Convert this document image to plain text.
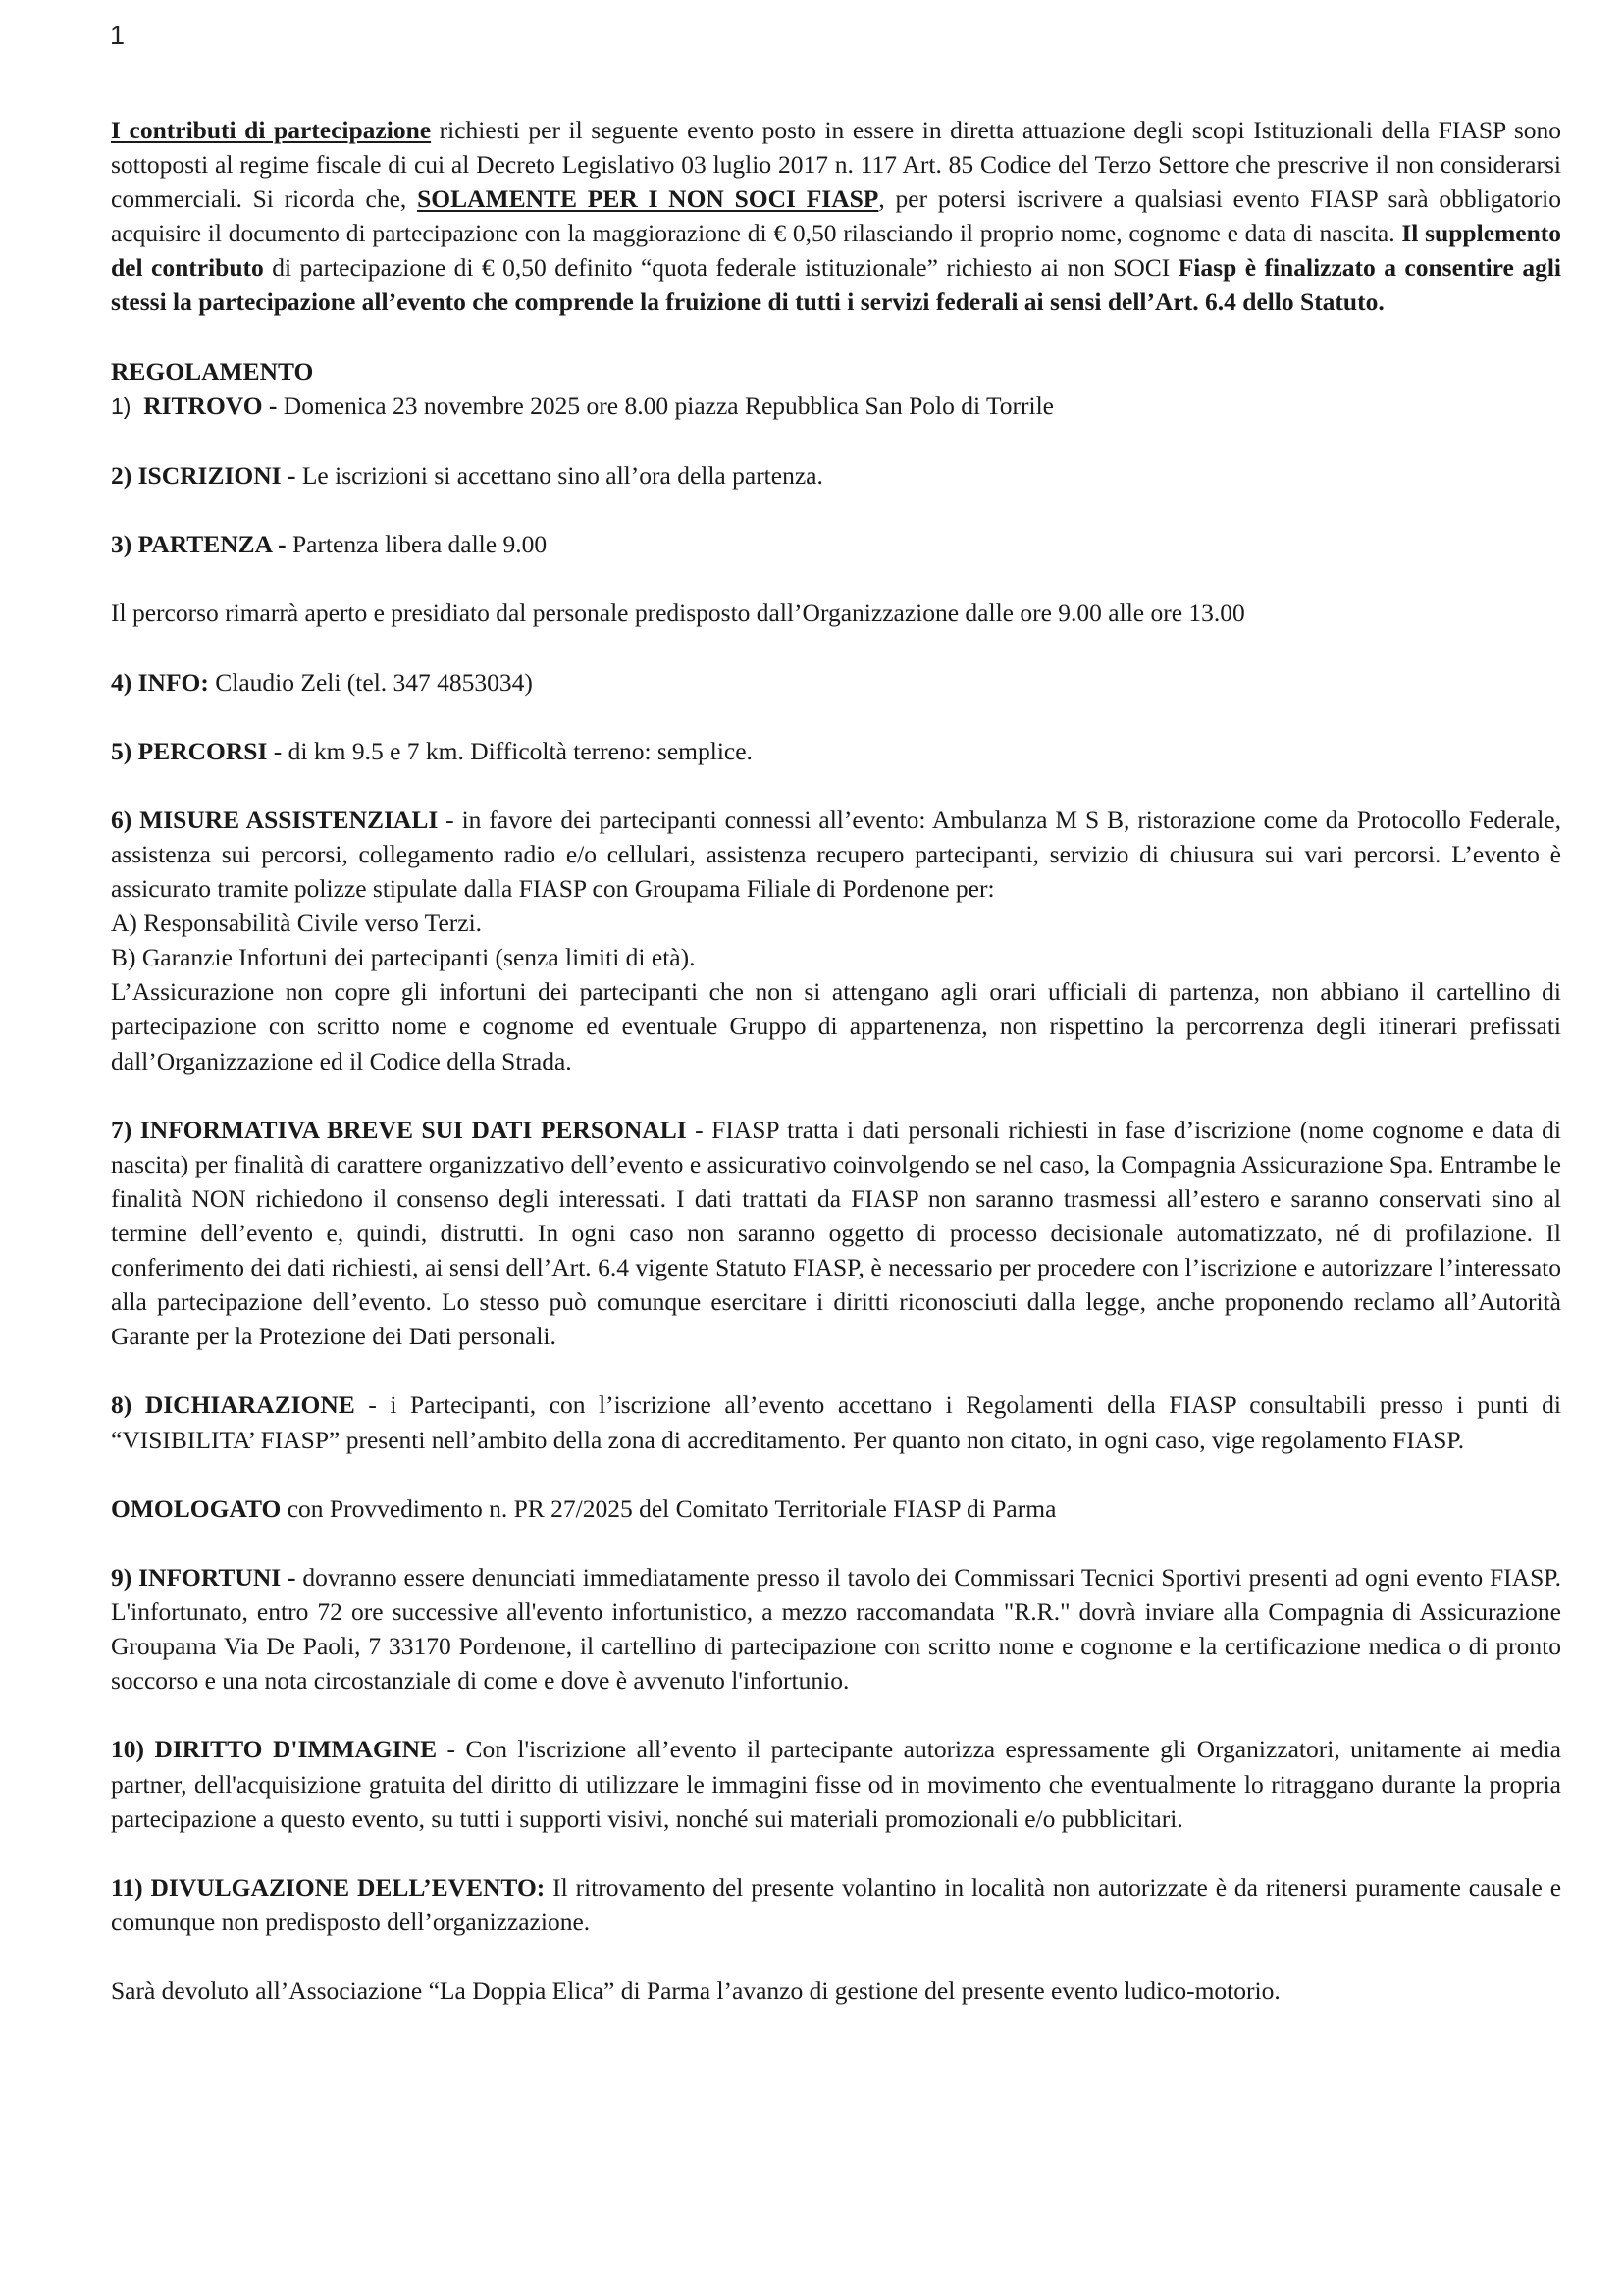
1

I contributi di partecipazione richiesti per il seguente evento posto in essere in diretta attuazione degli scopi Istituzionali della FIASP sono sottoposti al regime fiscale di cui al Decreto Legislativo 03 luglio 2017 n. 117 Art. 85 Codice del Terzo Settore che prescrive il non considerarsi commerciali. Si ricorda che, SOLAMENTE PER I NON SOCI FIASP, per potersi iscrivere a qualsiasi evento FIASP sarà obbligatorio acquisire il documento di partecipazione con la maggiorazione di € 0,50 rilasciando il proprio nome, cognome e data di nascita. Il supplemento del contributo di partecipazione di € 0,50 definito “quota federale istituzionale” richiesto ai non SOCI Fiasp è finalizzato a consentire agli stessi la partecipazione all’evento che comprende la fruizione di tutti i servizi federali ai sensi dell’Art. 6.4 dello Statuto.

REGOLAMENTO

1) RITROVO - Domenica 23 novembre 2025 ore 8.00 piazza Repubblica San Polo di Torrile

2) ISCRIZIONI - Le iscrizioni si accettano sino all’ora della partenza.

3) PARTENZA - Partenza libera dalle 9.00

Il percorso rimarrà aperto e presidiato dal personale predisposto dall’Organizzazione dalle ore 9.00 alle ore 13.00

4) INFO: Claudio Zeli (tel. 347 4853034)

5) PERCORSI - di km 9.5 e 7 km. Difficoltà terreno: semplice.

6) MISURE ASSISTENZIALI - in favore dei partecipanti connessi all’evento: Ambulanza M S B, ristorazione come da Protocollo Federale, assistenza sui percorsi, collegamento radio e/o cellulari, assistenza recupero partecipanti, servizio di chiusura sui vari percorsi. L’evento è assicurato tramite polizze stipulate dalla FIASP con Groupama Filiale di Pordenone per:
A) Responsabilità Civile verso Terzi.
B) Garanzie Infortuni dei partecipanti (senza limiti di età).
L’Assicurazione non copre gli infortuni dei partecipanti che non si attengano agli orari ufficiali di partenza, non abbiano il cartellino di partecipazione con scritto nome e cognome ed eventuale Gruppo di appartenenza, non rispettino la percorrenza degli itinerari prefissati dall’Organizzazione ed il Codice della Strada.

7) INFORMATIVA BREVE SUI DATI PERSONALI - FIASP tratta i dati personali richiesti in fase d’iscrizione (nome cognome e data di nascita) per finalità di carattere organizzativo dell’evento e assicurativo coinvolgendo se nel caso, la Compagnia Assicurazione Spa. Entrambe le finalità NON richiedono il consenso degli interessati. I dati trattati da FIASP non saranno trasmessi all’estero e saranno conservati sino al termine dell’evento e, quindi, distrutti. In ogni caso non saranno oggetto di processo decisionale automatizzato, né di profilazione. Il conferimento dei dati richiesti, ai sensi dell’Art. 6.4 vigente Statuto FIASP, è necessario per procedere con l’iscrizione e autorizzare l’interessato alla partecipazione dell’evento. Lo stesso può comunque esercitare i diritti riconosciuti dalla legge, anche proponendo reclamo all’Autorità Garante per la Protezione dei Dati personali.

8) DICHIARAZIONE - i Partecipanti, con l’iscrizione all’evento accettano i Regolamenti della FIASP consultabili presso i punti di “VISIBILITA’ FIASP” presenti nell’ambito della zona di accreditamento. Per quanto non citato, in ogni caso, vige regolamento FIASP.

OMOLOGATO con Provvedimento n. PR 27/2025 del Comitato Territoriale FIASP di Parma

9) INFORTUNI - dovranno essere denunciati immediatamente presso il tavolo dei Commissari Tecnici Sportivi presenti ad ogni evento FIASP. L'infortunato, entro 72 ore successive all'evento infortunistico, a mezzo raccomandata "R.R." dovrà inviare alla Compagnia di Assicurazione Groupama Via De Paoli, 7 33170 Pordenone, il cartellino di partecipazione con scritto nome e cognome e la certificazione medica o di pronto soccorso e una nota circostanziale di come e dove è avvenuto l'infortunio.

10) DIRITTO D'IMMAGINE - Con l'iscrizione all’evento il partecipante autorizza espressamente gli Organizzatori, unitamente ai media partner, dell'acquisizione gratuita del diritto di utilizzare le immagini fisse od in movimento che eventualmente lo ritraggano durante la propria partecipazione a questo evento, su tutti i supporti visivi, nonché sui materiali promozionali e/o pubblicitari.

11) DIVULGAZIONE DELL’EVENTO: Il ritrovamento del presente volantino in località non autorizzate è da ritenersi puramente causale e comunque non predisposto dell’organizzazione.

Sarà devoluto all’Associazione “La Doppia Elica” di Parma l’avanzo di gestione del presente evento ludico-motorio.
